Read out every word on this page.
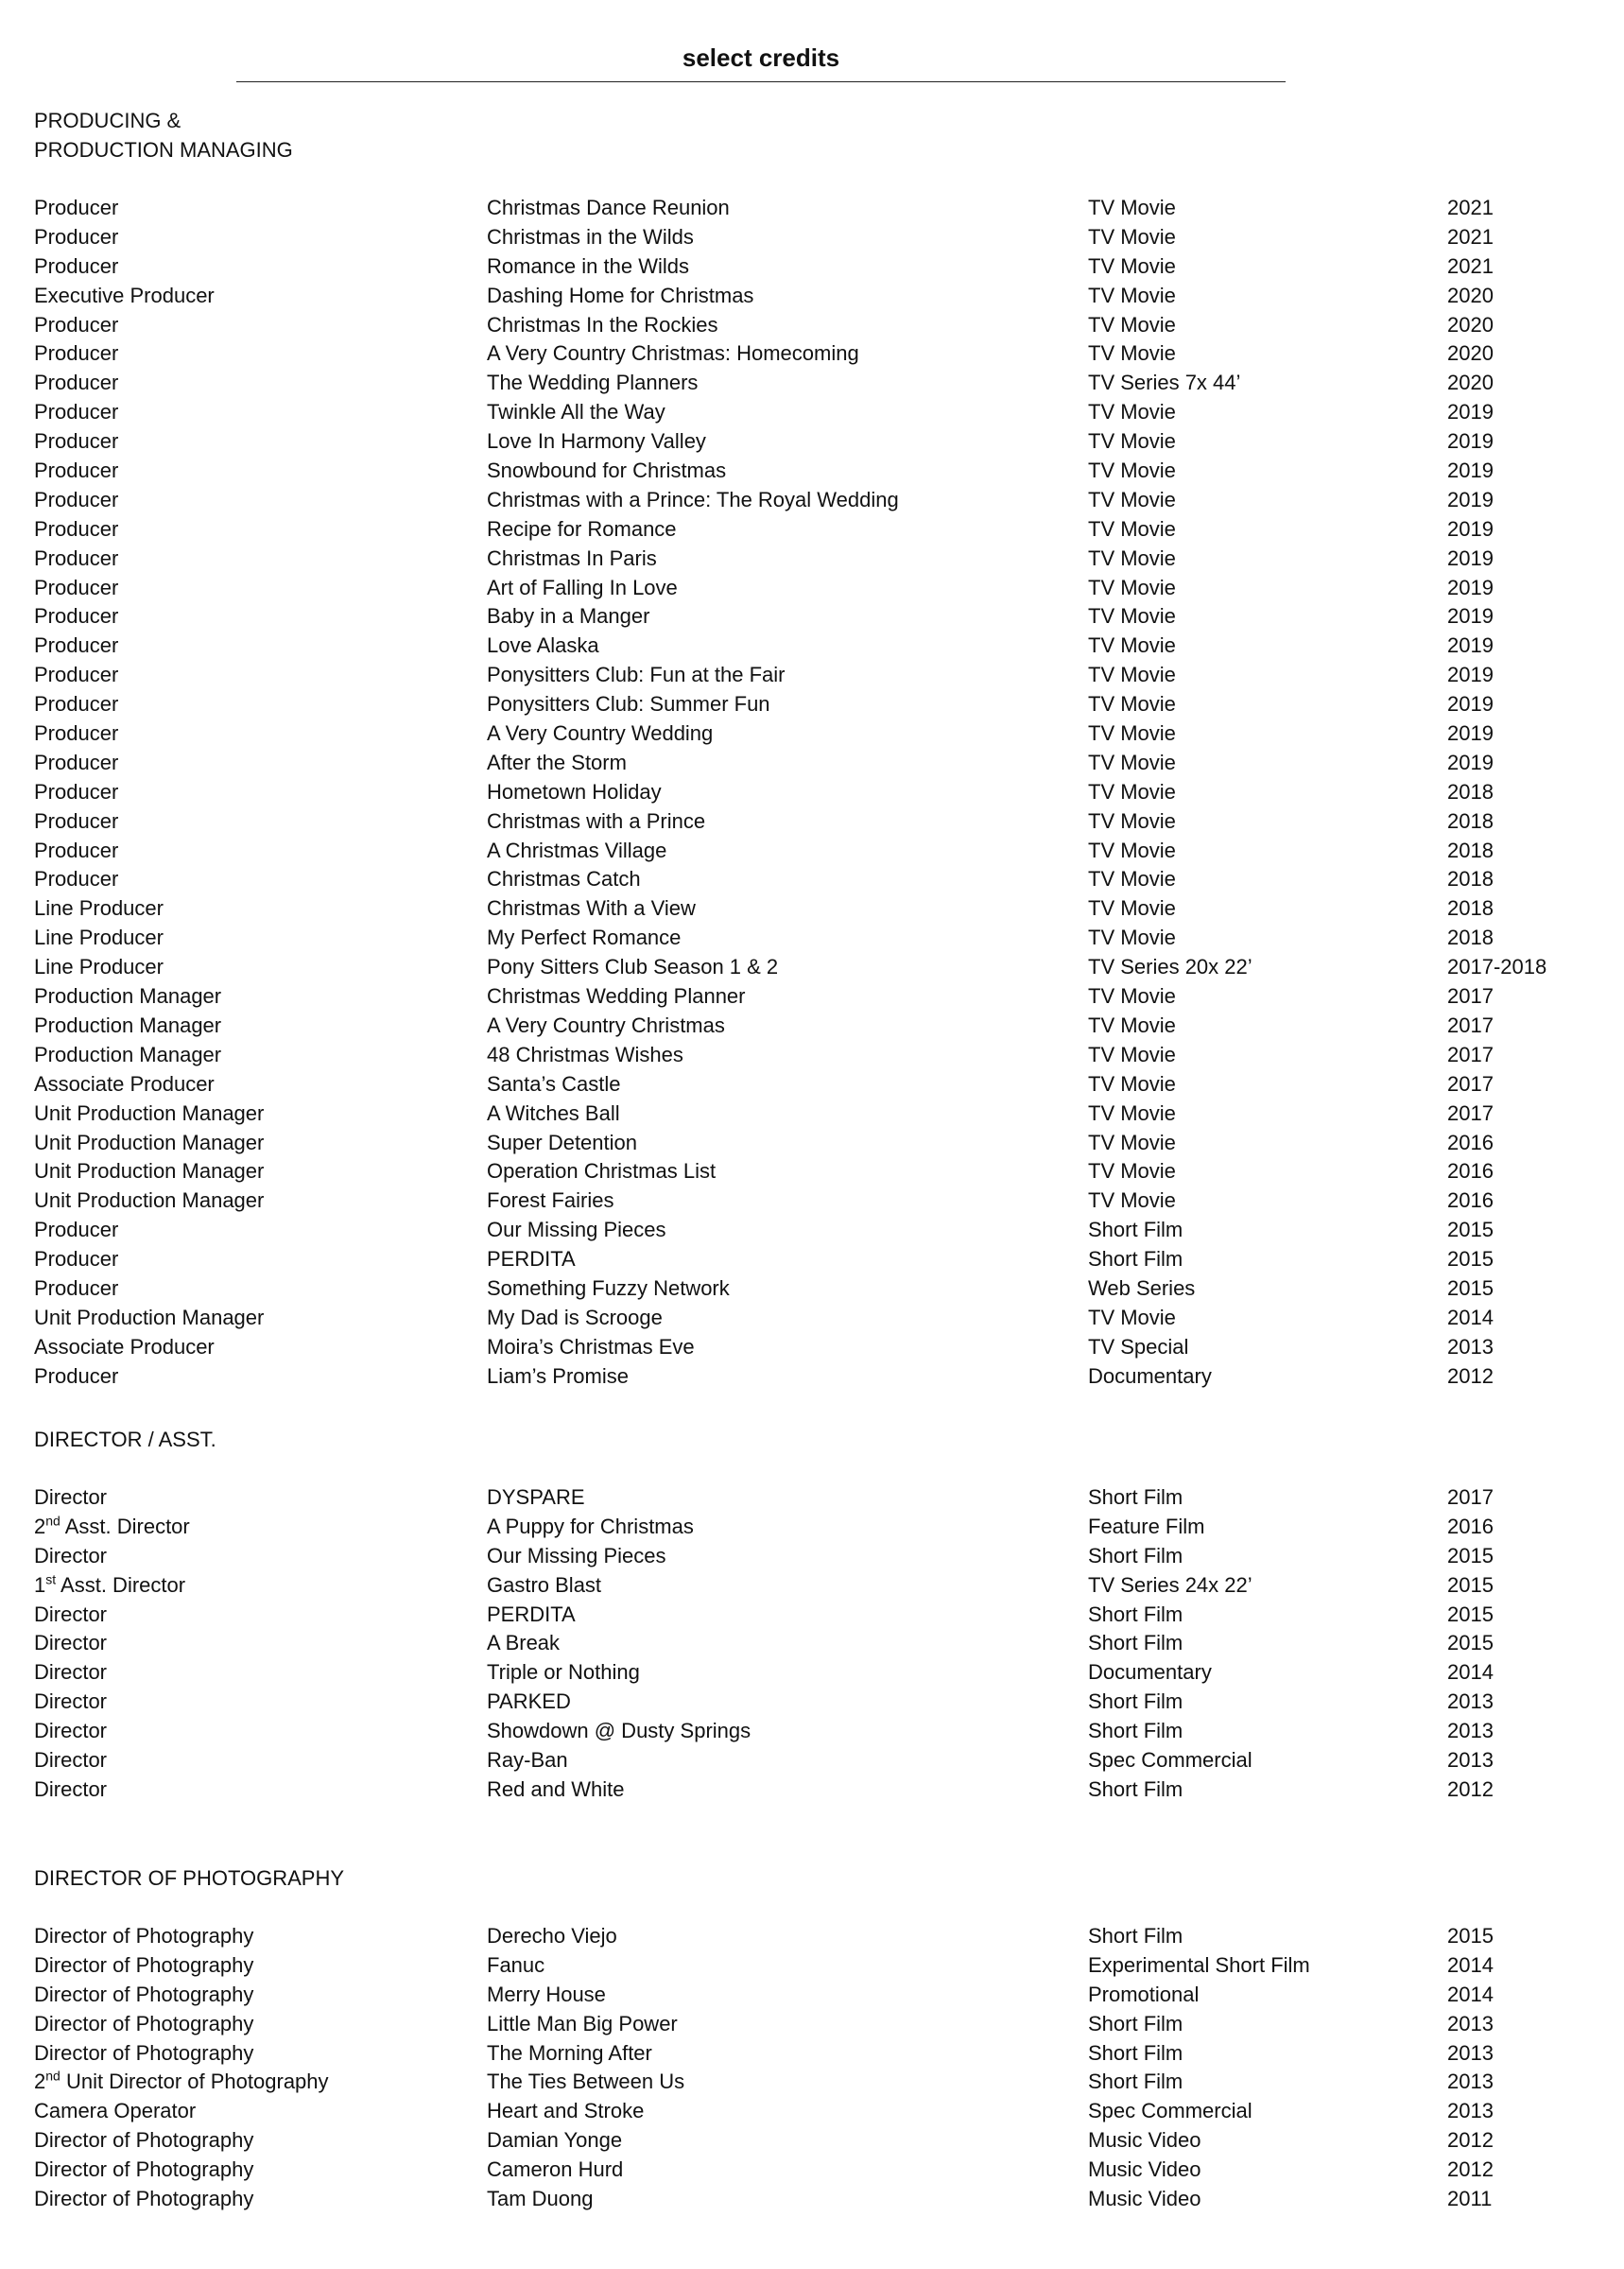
select credits
PRODUCING &
PRODUCTION MANAGING
Producer	Christmas Dance Reunion	TV Movie	2021
Producer	Christmas in the Wilds	TV Movie	2021
Producer	Romance in the Wilds	TV Movie	2021
Executive Producer	Dashing Home for Christmas	TV Movie	2020
Producer	Christmas In the Rockies	TV Movie	2020
Producer	A Very Country Christmas: Homecoming	TV Movie	2020
Producer	The Wedding Planners	TV Series 7x 44’	2020
Producer	Twinkle All the Way	TV Movie	2019
Producer	Love In Harmony Valley	TV Movie	2019
Producer	Snowbound for Christmas	TV Movie	2019
Producer	Christmas with a Prince: The Royal Wedding	TV Movie	2019
Producer	Recipe for Romance	TV Movie	2019
Producer	Christmas In Paris	TV Movie	2019
Producer	Art of Falling In Love	TV Movie	2019
Producer	Baby in a Manger	TV Movie	2019
Producer	Love Alaska	TV Movie	2019
Producer	Ponysitters Club: Fun at the Fair	TV Movie	2019
Producer	Ponysitters Club: Summer Fun	TV Movie	2019
Producer	A Very Country Wedding	TV Movie	2019
Producer	After the Storm	TV Movie	2019
Producer	Hometown Holiday	TV Movie	2018
Producer	Christmas with a Prince	TV Movie	2018
Producer	A Christmas Village	TV Movie	2018
Producer	Christmas Catch	TV Movie	2018
Line Producer	Christmas With a View	TV Movie	2018
Line Producer	My Perfect Romance	TV Movie	2018
Line Producer	Pony Sitters Club Season 1 & 2	TV Series 20x 22’	2017-2018
Production Manager	Christmas Wedding Planner	TV Movie	2017
Production Manager	A Very Country Christmas	TV Movie	2017
Production Manager	48 Christmas Wishes	TV Movie	2017
Associate Producer	Santa’s Castle	TV Movie	2017
Unit Production Manager	A Witches Ball	TV Movie	2017
Unit Production Manager	Super Detention	TV Movie	2016
Unit Production Manager	Operation Christmas List	TV Movie	2016
Unit Production Manager	Forest Fairies	TV Movie	2016
Producer	Our Missing Pieces	Short Film	2015
Producer	PERDITA	Short Film	2015
Producer	Something Fuzzy Network	Web Series	2015
Unit Production Manager	My Dad is Scrooge	TV Movie	2014
Associate Producer	Moira’s Christmas Eve	TV Special	2013
Producer	Liam’s Promise	Documentary	2012
DIRECTOR / ASST.
Director	DYSPARE	Short Film	2017
2nd Asst. Director	A Puppy for Christmas	Feature Film	2016
Director	Our Missing Pieces	Short Film	2015
1st Asst. Director	Gastro Blast	TV Series 24x 22’	2015
Director	PERDITA	Short Film	2015
Director	A Break	Short Film	2015
Director	Triple or Nothing	Documentary	2014
Director	PARKED	Short Film	2013
Director	Showdown @ Dusty Springs	Short Film	2013
Director	Ray-Ban	Spec Commercial	2013
Director	Red and White	Short Film	2012
DIRECTOR OF PHOTOGRAPHY
Director of Photography	Derecho Viejo	Short Film	2015
Director of Photography	Fanuc	Experimental Short Film	2014
Director of Photography	Merry House	Promotional	2014
Director of Photography	Little Man Big Power	Short Film	2013
Director of Photography	The Morning After	Short Film	2013
2nd Unit Director of Photography	The Ties Between Us	Short Film	2013
Camera Operator	Heart and Stroke	Spec Commercial	2013
Director of Photography	Damian Yonge	Music Video	2012
Director of Photography	Cameron Hurd	Music Video	2012
Director of Photography	Tam Duong	Music Video	2011
